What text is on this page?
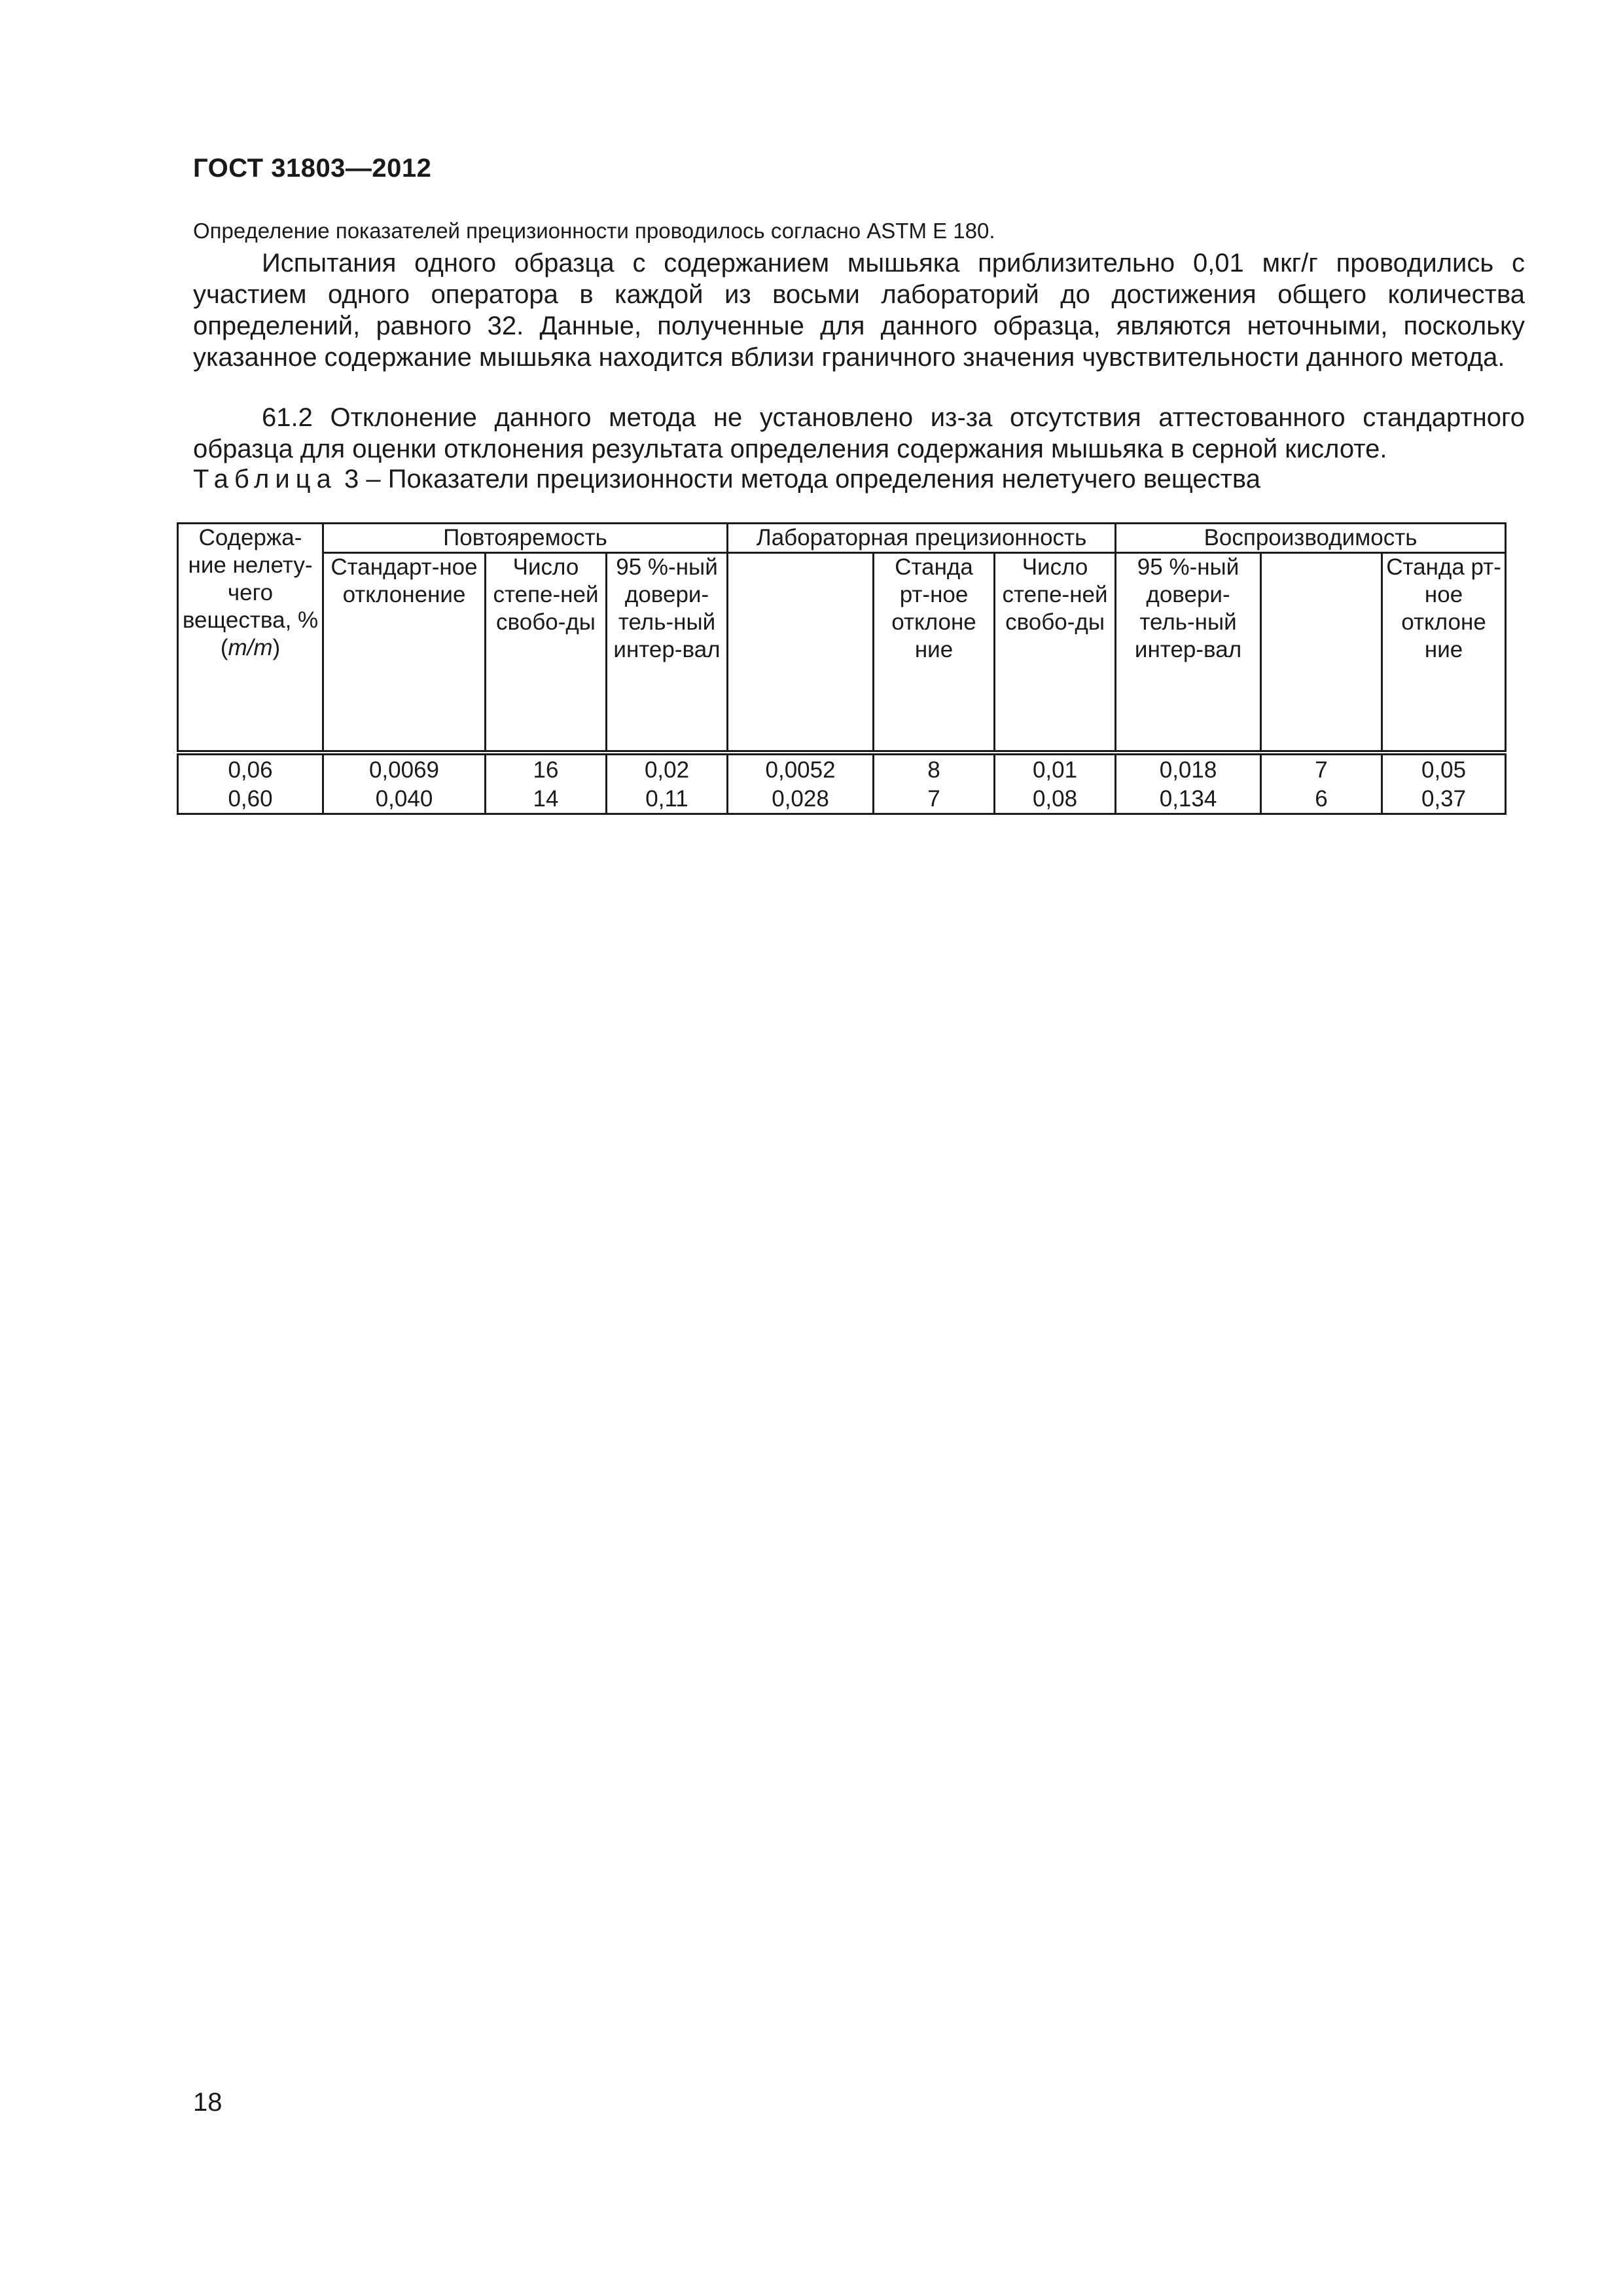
ГОСТ 31803—2012
Определение показателей прецизионности проводилось согласно ASTM E 180.

Испытания одного образца с содержанием мышьяка приблизительно 0,01 мкг/г проводились с участием одного оператора в каждой из восьми лабораторий до достижения общего количества определений, равного 32. Данные, полученные для данного образца, являются неточными, поскольку указанное содержание мышьяка находится вблизи граничного значения чувствительности данного метода.

61.2 Отклонение данного метода не установлено из-за отсутствия аттестованного стандартного образца для оценки отклонения результата определения содержания мышьяка в серной кислоте.

Таблица 3 – Показатели прецизионности метода определения нелетучего вещества
Содержа-ние нелету-чего вещества, % (m/m)	Повтояремость			Лабораторная прецизионность			Воспроизводимость		
	Стандарт-ное отклонение	Число степе-ней свобо-ды	95 %-ный довери-тель-ный интер-вал		Станда рт-ное отклоне ние	Число степе-ней свобо-ды	95 %-ный довери-тель-ный интер-вал		Станда рт-ное отклоне ние
0,06	0,0069	16	0,02	0,0052	8	0,01	0,018	7	0,05
0,60	0,040	14	0,11	0,028	7	0,08	0,134	6	0,37
18
